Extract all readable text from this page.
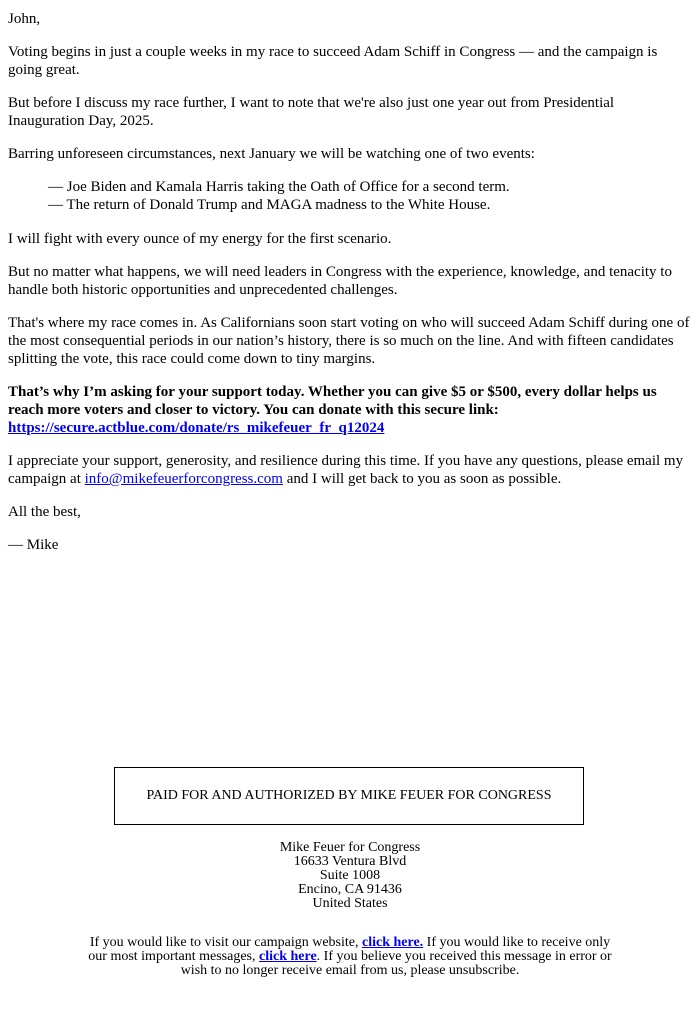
John,

Voting begins in just a couple weeks in my race to succeed Adam Schiff in Congress — and the campaign is going great.

But before I discuss my race further, I want to note that we're also just one year out from Presidential Inauguration Day, 2025.

Barring unforeseen circumstances, next January we will be watching one of two events:

— Joe Biden and Kamala Harris taking the Oath of Office for a second term.
— The return of Donald Trump and MAGA madness to the White House.

I will fight with every ounce of my energy for the first scenario.

But no matter what happens, we will need leaders in Congress with the experience, knowledge, and tenacity to handle both historic opportunities and unprecedented challenges.

That's where my race comes in. As Californians soon start voting on who will succeed Adam Schiff during one of the most consequential periods in our nation’s history, there is so much on the line. And with fifteen candidates splitting the vote, this race could come down to tiny margins.

That’s why I’m asking for your support today. Whether you can give $5 or $500, every dollar helps us reach more voters and closer to victory. You can donate with this secure link: https://secure.actblue.com/donate/rs_mikefeuer_fr_q12024

I appreciate your support, generosity, and resilience during this time. If you have any questions, please email my campaign at info@mikefeuerforcongress.com and I will get back to you as soon as possible.

All the best,

— Mike

PAID FOR AND AUTHORIZED BY MIKE FEUER FOR CONGRESS
Mike Feuer for Congress
16633 Ventura Blvd
Suite 1008
Encino, CA 91436
United States
If you would like to visit our campaign website, click here. If you would like to receive only our most important messages, click here. If you believe you received this message in error or wish to no longer receive email from us, please unsubscribe.
